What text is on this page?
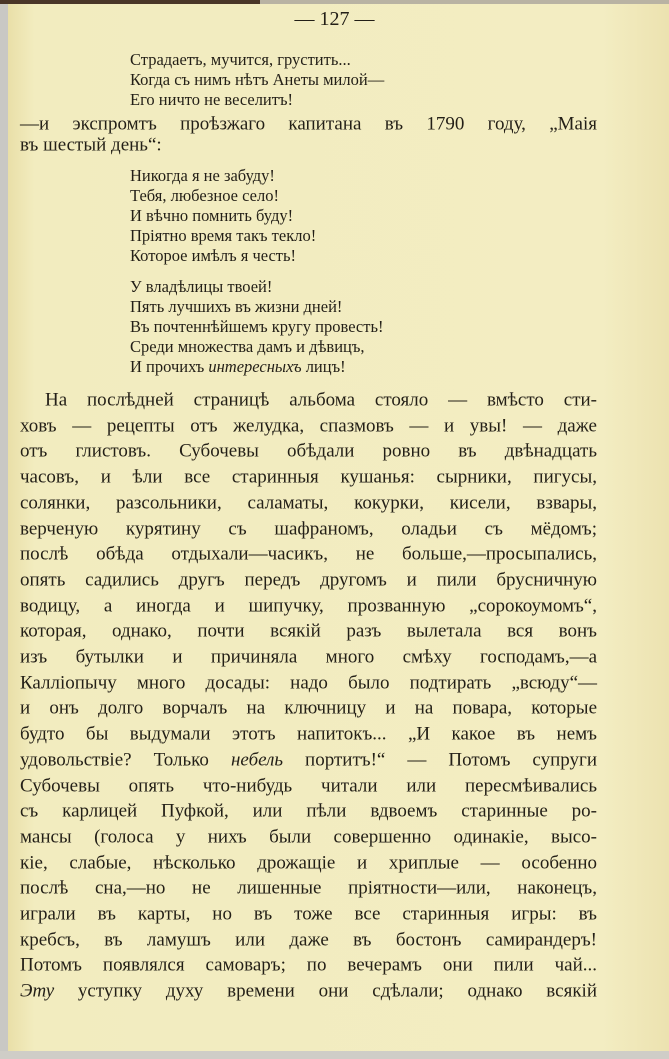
— 127 —
Страдаетъ, мучится, грустить...
Когда съ нимъ нѣтъ Анеты милой—
Его ничто не веселитъ!
—и экспромтъ проѣзжаго капитана въ 1790 году, „Маiя
въ шестый день“:
Никогда я не забуду!
Тебя, любезное село!
И вѣчно помнить буду!
Прiятно время такъ текло!
Которое имѣлъ я честь!
У владѣлицы твоей!
Пять лучшихъ въ жизни дней!
Въ почтеннѣйшемъ кругу провесть!
Среди множества дамъ и дѣвицъ,
И прочихъ интересныхъ лицъ!
На послѣдней страницѣ альбома стояло — вмѣсто сти-
ховъ — рецепты отъ желудка, спазмовъ — и увы! — даже
отъ глистовъ. Субочевы обѣдали ровно въ двѣнадцать
часовъ, и ѣли все старинныя кушанья: сырники, пигусы,
солянки, разсольники, саламаты, кокурки, кисели, взвары,
верченую курятину съ шафраномъ, оладьи съ мёдомъ;
послѣ обѣда отдыхали—часикъ, не больше,—просыпались,
опять садились другъ передъ другомъ и пили брусничную
водицу, а иногда и шипучку, прозванную „сорокоумомъ“,
которая, однако, почти всякiй разъ вылетала вся вонъ
изъ бутылки и причиняла много смѣху господамъ,—а
Каллiопычу много досады: надо было подтирать „всюду“—
и онъ долго ворчалъ на ключницу и на повара, которые
будто бы выдумали этотъ напитокъ... „И какое въ немъ
удовольствiе? Только небель портитъ!“ — Потомъ супруги
Субочевы опять что-нибудь читали или пересмѣивались
съ карлицей Пуфкой, или пѣли вдвоемъ старинные ро-
мансы (голоса у нихъ были совершенно одинакiе, высо-
кiе, слабые, нѣсколько дрожащiе и хриплые — особенно
послѣ сна,—но не лишенные прiятности—или, наконецъ,
играли въ карты, но въ тоже все старинныя игры: въ
кребсъ, въ ламушъ или даже въ бостонъ самирандеръ!
Потомъ появлялся самоваръ; по вечерамъ они пили чай...
Эту уступку духу времени они сдѣлали; однако всякiй
